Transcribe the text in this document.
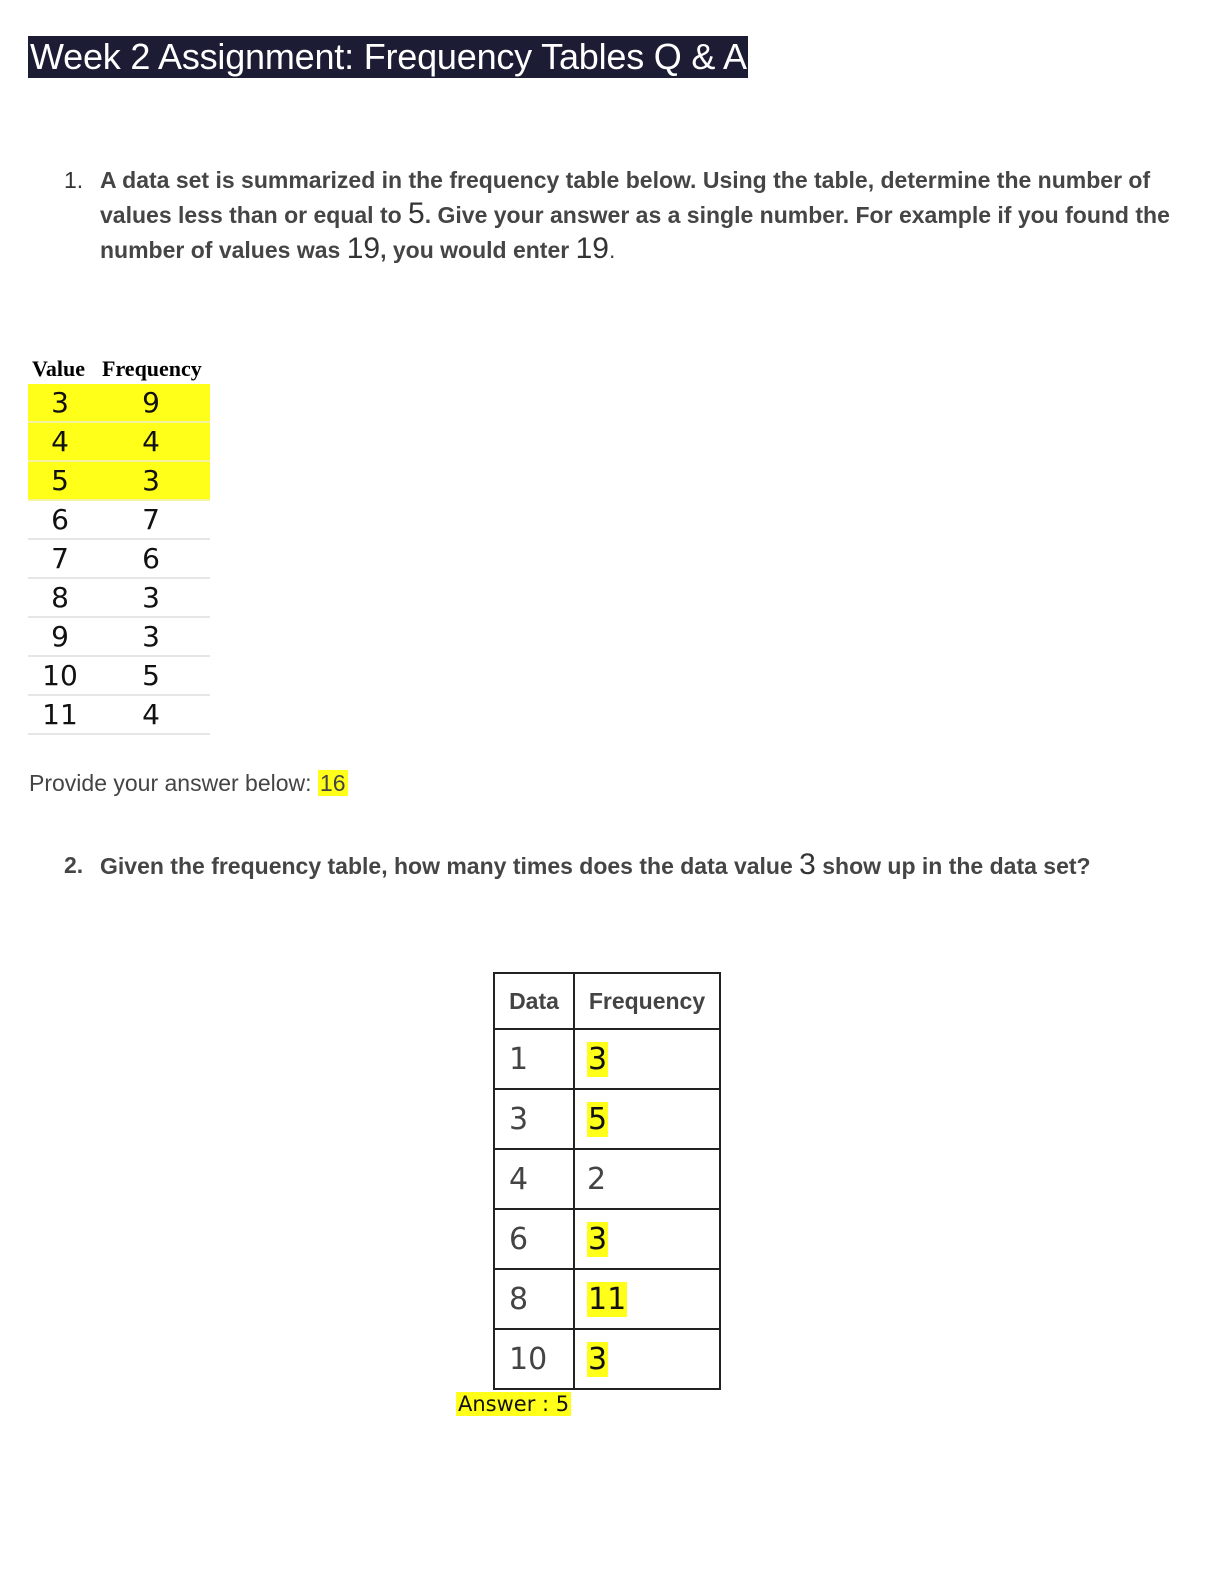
Week 2 Assignment: Frequency Tables Q & A
1. A data set is summarized in the frequency table below. Using the table, determine the number of values less than or equal to 5. Give your answer as a single number. For example if you found the number of values was 19, you would enter 19.
Value Frequency
3	9
4	4
5	3
6	7
7	6
8	3
9	3
10	5
11	4
Provide your answer below: 16
2. Given the frequency table, how many times does the data value 3 show up in the data set?
Data	Frequency
1	3
3	5
4	2
6	3
8	11
10	3
Answer : 5
